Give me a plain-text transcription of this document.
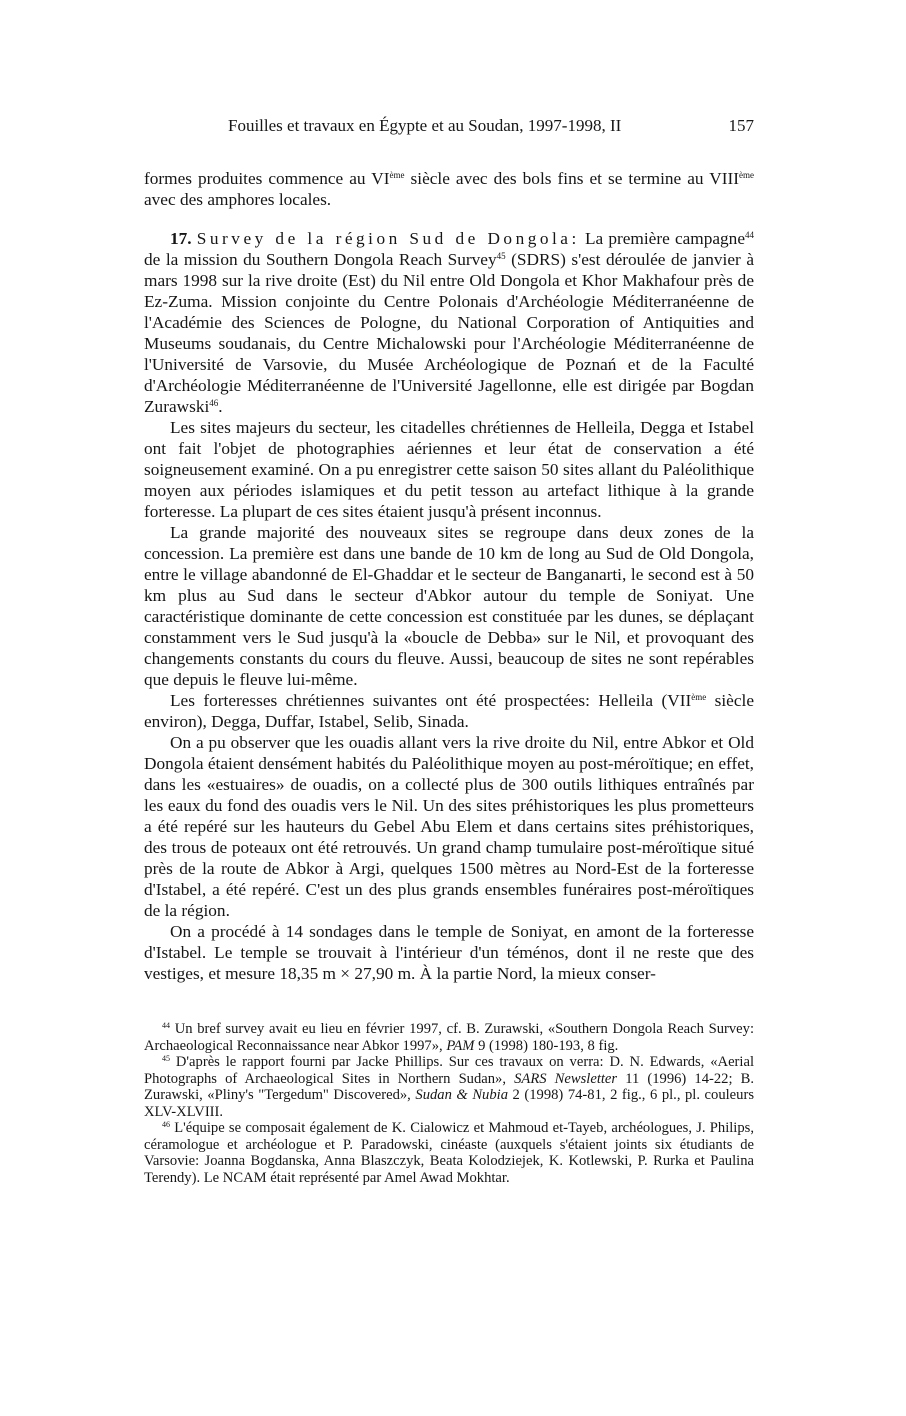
Fouilles et travaux en Égypte et au Soudan, 1997-1998, II	157

formes produites commence au VIème siècle avec des bols fins et se termine au VIIIème avec des amphores locales.

17. Survey de la région Sud de Dongola: La première campagne$^{44}$ de la mission du Southern Dongola Reach Survey$^{45}$ (SDRS) s'est déroulée de janvier à mars 1998 sur la rive droite (Est) du Nil entre Old Dongola et Khor Makhafour près de Ez-Zuma. Mission conjointe du Centre Polonais d'Archéologie Méditerranéenne de l'Académie des Sciences de Pologne, du National Corporation of Antiquities and Museums soudanais, du Centre Michalowski pour l'Archéologie Méditerranéenne de l'Université de Varsovie, du Musée Archéologique de Poznań et de la Faculté d'Archéologie Méditerranéenne de l'Université Jagellonne, elle est dirigée par Bogdan Zurawski$^{46}$.

Les sites majeurs du secteur, les citadelles chrétiennes de Helleila, Degga et Istabel ont fait l'objet de photographies aériennes et leur état de conservation a été soigneusement examiné. On a pu enregistrer cette saison 50 sites allant du Paléolithique moyen aux périodes islamiques et du petit tesson au artefact lithique à la grande forteresse. La plupart de ces sites étaient jusqu'à présent inconnus.

La grande majorité des nouveaux sites se regroupe dans deux zones de la concession. La première est dans une bande de 10 km de long au Sud de Old Dongola, entre le village abandonné de El-Ghaddar et le secteur de Banganarti, le second est à 50 km plus au Sud dans le secteur d'Abkor autour du temple de Soniyat. Une caractéristique dominante de cette concession est constituée par les dunes, se déplaçant constamment vers le Sud jusqu'à la «boucle de Debba» sur le Nil, et provoquant des changements constants du cours du fleuve. Aussi, beaucoup de sites ne sont repérables que depuis le fleuve lui-même.

Les forteresses chrétiennes suivantes ont été prospectées: Helleila (VIIème siècle environ), Degga, Duffar, Istabel, Selib, Sinada.

On a pu observer que les ouadis allant vers la rive droite du Nil, entre Abkor et Old Dongola étaient densément habités du Paléolithique moyen au post-méroïtique; en effet, dans les «estuaires» de ouadis, on a collecté plus de 300 outils lithiques entraînés par les eaux du fond des ouadis vers le Nil. Un des sites préhistoriques les plus prometteurs a été repéré sur les hauteurs du Gebel Abu Elem et dans certains sites préhistoriques, des trous de poteaux ont été retrouvés. Un grand champ tumulaire post-méroïtique situé près de la route de Abkor à Argi, quelques 1500 mètres au Nord-Est de la forteresse d'Istabel, a été repéré. C'est un des plus grands ensembles funéraires post-méroïtiques de la région.

On a procédé à 14 sondages dans le temple de Soniyat, en amont de la forteresse d'Istabel. Le temple se trouvait à l'intérieur d'un téménos, dont il ne reste que des vestiges, et mesure 18,35 m × 27,90 m. À la partie Nord, la mieux conser-

$^{44}$ Un bref survey avait eu lieu en février 1997, cf. B. Zurawski, «Southern Dongola Reach Survey: Archaeological Reconnaissance near Abkor 1997», PAM 9 (1998) 180-193, 8 fig.

$^{45}$ D'après le rapport fourni par Jacke Phillips. Sur ces travaux on verra: D. N. Edwards, «Aerial Photographs of Archaeological Sites in Northern Sudan», SARS Newsletter 11 (1996) 14-22; B. Zurawski, «Pliny's "Tergedum" Discovered», Sudan & Nubia 2 (1998) 74-81, 2 fig., 6 pl., pl. couleurs XLV-XLVIII.

$^{46}$ L'équipe se composait également de K. Cialowicz et Mahmoud et-Tayeb, archéologues, J. Philips, céramologue et archéologue et P. Paradowski, cinéaste (auxquels s'étaient joints six étudiants de Varsovie: Joanna Bogdanska, Anna Blaszczyk, Beata Kolodziejek, K. Kotlewski, P. Rurka et Paulina Terendy). Le NCAM était représenté par Amel Awad Mokhtar.
